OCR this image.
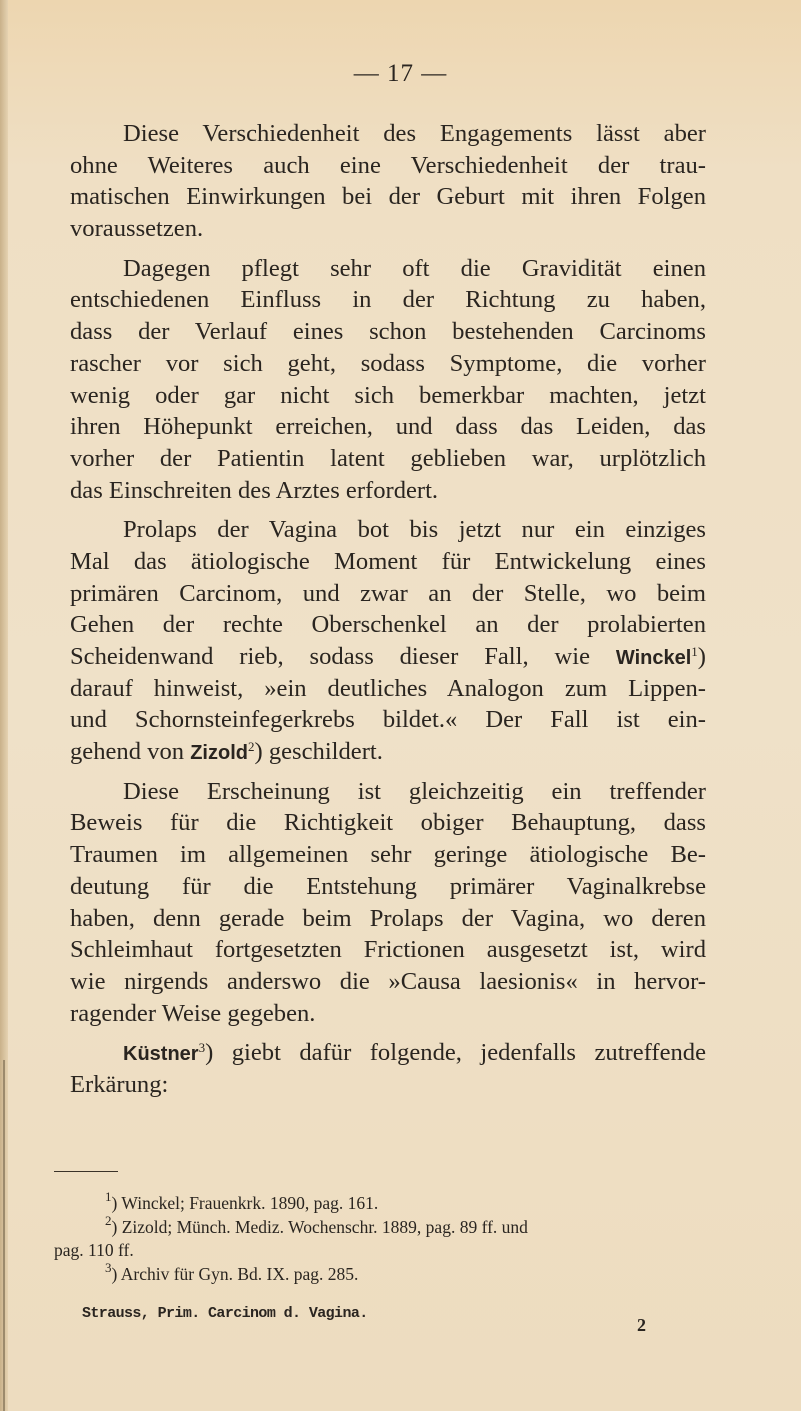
— 17 —
Diese Verschiedenheit des Engagements lässt aber
ohne Weiteres auch eine Verschiedenheit der trau-
matischen Einwirkungen bei der Geburt mit ihren Folgen
voraussetzen.
Dagegen pflegt sehr oft die Gravidität einen
entschiedenen Einfluss in der Richtung zu haben,
dass der Verlauf eines schon bestehenden Carcinoms
rascher vor sich geht, sodass Symptome, die vorher
wenig oder gar nicht sich bemerkbar machten, jetzt
ihren Höhepunkt erreichen, und dass das Leiden, das
vorher der Patientin latent geblieben war, urplötzlich
das Einschreiten des Arztes erfordert.
Prolaps der Vagina bot bis jetzt nur ein einziges
Mal das ätiologische Moment für Entwickelung eines
primären Carcinom, und zwar an der Stelle, wo beim
Gehen der rechte Oberschenkel an der prolabierten
Scheidenwand rieb, sodass dieser Fall, wie Winckel$^1$)
darauf hinweist, »ein deutliches Analogon zum Lippen-
und Schornsteinfegerkrebs bildet.« Der Fall ist ein-
gehend von Zizold$^2$) geschildert.
Diese Erscheinung ist gleichzeitig ein treffender
Beweis für die Richtigkeit obiger Behauptung, dass
Traumen im allgemeinen sehr geringe ätiologische Be-
deutung für die Entstehung primärer Vaginalkrebse
haben, denn gerade beim Prolaps der Vagina, wo deren
Schleimhaut fortgesetzten Frictionen ausgesetzt ist, wird
wie nirgends anderswo die »Causa laesionis« in hervor-
ragender Weise gegeben.
Küstner$^3$) giebt dafür folgende, jedenfalls zutreffende
Erkärung:
$^1$) Winckel; Frauenkrk. 1890, pag. 161.
$^2$) Zizold; Münch. Mediz. Wochenschr. 1889, pag. 89 ff. und
pag. 110 ff.
$^3$) Archiv für Gyn. Bd. IX. pag. 285.
Strauss, Prim. Carcinom d. Vagina.
2
